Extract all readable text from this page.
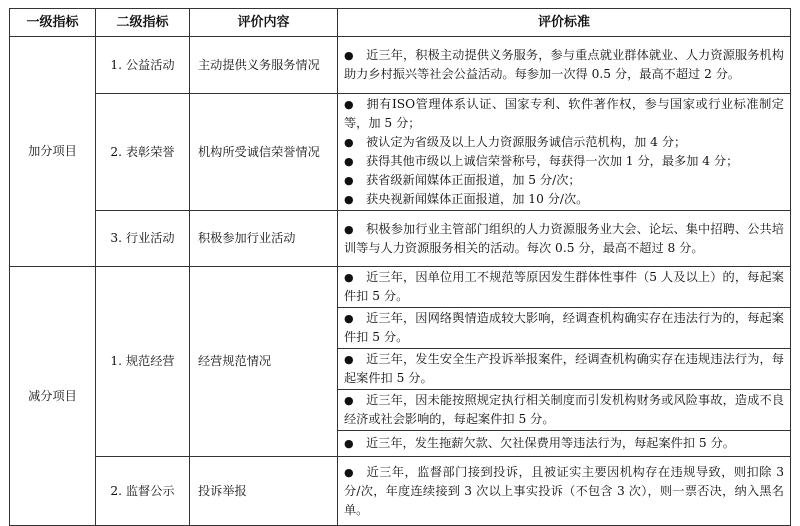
一级指标	二级指标	评价内容	评价标准
加分项目	1. 公益活动	主动提供义务服务情况	● 近三年，积极主动提供义务服务，参与重点就业群体就业、人力资源服务机构助力乡村振兴等社会公益活动。每参加一次得 0.5 分，最高不超过 2 分。

	2. 表彰荣誉	机构所受诚信荣誉情况	● 拥有ISO管理体系认证、国家专利、软件著作权，参与国家或行业标准制定等，加 5 分；

● 被认定为省级及以上人力资源服务诚信示范机构，加 4 分；

● 获得其他市级以上诚信荣誉称号，每获得一次加 1 分，最多加 4 分；

● 获省级新闻媒体正面报道，加 5 分/次；

● 获央视新闻媒体正面报道，加 10 分/次。

	3. 行业活动	积极参加行业活动	● 积极参加行业主管部门组织的人力资源服务业大会、论坛、集中招聘、公共培训等与人力资源服务相关的活动。每次 0.5 分，最高不超过 8 分。

减分项目	1. 规范经营	经营规范情况	● 近三年，因单位用工不规范等原因发生群体性事件（5 人及以上）的，每起案件扣 5 分。

			● 近三年，因网络舆情造成较大影响，经调查机构确实存在违法行为的，每起案件扣 5 分。

			● 近三年，发生安全生产投诉举报案件，经调查机构确实存在违规违法行为，每起案件扣 5 分。

			● 近三年，因未能按照规定执行相关制度而引发机构财务或风险事故，造成不良经济或社会影响的，每起案件扣 5 分。

			● 近三年，发生拖薪欠款、欠社保费用等违法行为，每起案件扣 5 分。

	2. 监督公示	投诉举报	● 近三年，监督部门接到投诉，且被证实主要因机构存在违规导致，则扣除 3 分/次，年度连续接到 3 次以上事实投诉（不包含 3 次），则一票否决，纳入黑名单。
